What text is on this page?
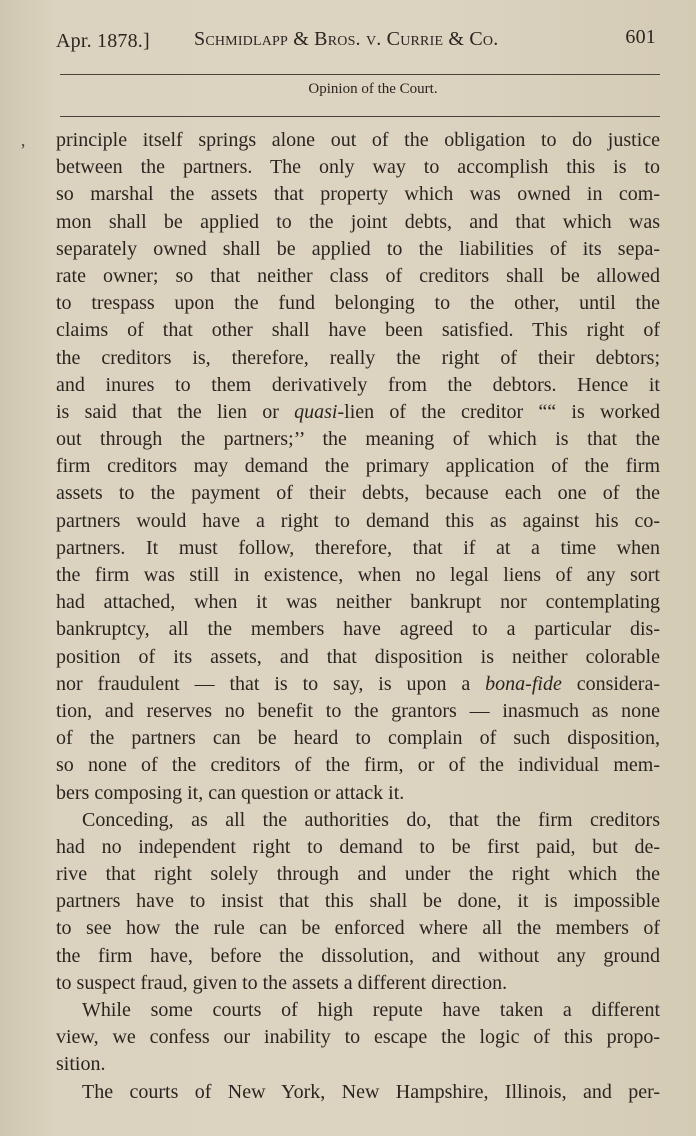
Apr. 1878.] Schmidlapp & Bros. v. Currie & Co.	601
Opinion of the Court.
’ principle itself springs alone out of the obligation to do justice
between the partners. The only way to accomplish this is to
so marshal the assets that property which was owned in com-
mon shall be applied to the joint debts, and that which was
separately owned shall be applied to the liabilities of its sepa-
rate owner; so that neither class of creditors shall be allowed
to trespass upon the fund belonging to the other, until the
claims of that other shall have been satisfied. This right of
the creditors is, therefore, really the right of their debtors;
and inures to them derivatively from the debtors. Hence it
is said that the lien or quasi-lien of the creditor ““ is worked
out through the partners;’’ the meaning of which is that the
firm creditors may demand the primary application of the firm
assets to the payment of their debts, because each one of the
partners would have a right to demand this as against his co-
partners. It must follow, therefore, that if at a time when
the firm was still in existence, when no legal liens of any sort
had attached, when it was neither bankrupt nor contemplating
bankruptcy, all the members have agreed to a particular dis-
position of its assets, and that disposition is neither colorable
nor fraudulent — that is to say, is upon a bona-fide considera-
tion, and reserves no benefit to the grantors — inasmuch as none
of the partners can be heard to complain of such disposition,
so none of the creditors of the firm, or of the individual mem-
bers composing it, can question or attack it.
Conceding, as all the authorities do, that the firm creditors
had no independent right to demand to be first paid, but de-
rive that right solely through and under the right which the
partners have to insist that this shall be done, it is impossible
to see how the rule can be enforced where all the members of
the firm have, before the dissolution, and without any ground
to suspect fraud, given to the assets a different direction.
While some courts of high repute have taken a different
view, we confess our inability to escape the logic of this propo-
sition.
The courts of New York, New Hampshire, Illinois, and per-
